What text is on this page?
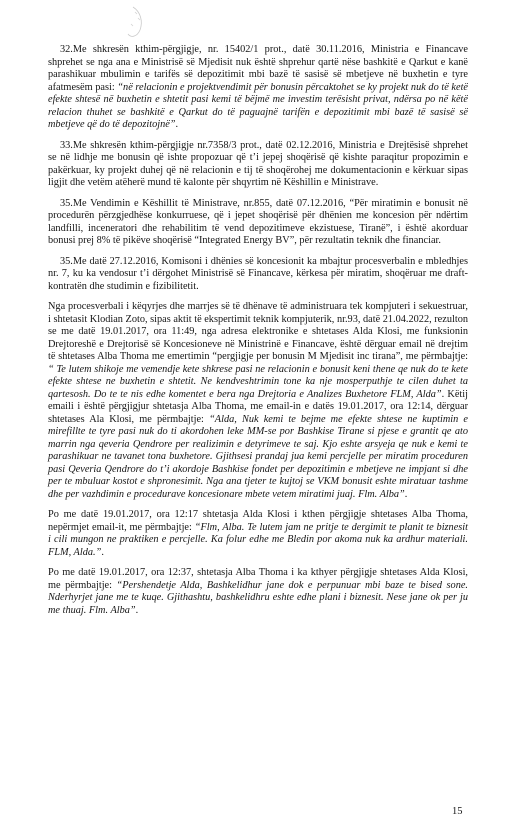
32.Me shkresën kthim-përgjigje, nr. 15402/1 prot., datë 30.11.2016, Ministria e Financave shprehet se nga ana e Ministrisë së Mjedisit nuk është shprehur qartë nëse bashkitë e Qarkut e kanë parashikuar mbulimin e tarifës së depozitimit mbi bazë të sasisë së mbetjeve në buxhetin e tyre afatmesëm pasi: “në relacionin e projektvendimit për bonusin përcaktohet se ky projekt nuk do të ketë efekte shtesë në buxhetin e shtetit pasi kemi të bëjmë me investim terësisht privat, ndërsa po në këtë relacion thuhet se bashkitë e Qarkut do të paguajnë tarifën e depozitimit mbi bazë të sasisë së mbetjeve që do të depozitojnë”.

33.Me shkresën kthim-përgjigje nr.7358/3 prot., datë 02.12.2016, Ministria e Drejtësisë shprehet se në lidhje me bonusin që ishte propozuar që t’i jepej shoqërisë që kishte paraqitur propozimin e pakërkuar, ky projekt duhej që në relacionin e tij të shoqërohej me dokumentacionin e kërkuar sipas ligjit dhe vetëm atëherë mund të kalonte për shqyrtim në Këshillin e Ministrave.

35.Me Vendimin e Këshillit të Ministrave, nr.855, datë 07.12.2016, “Për miratimin e bonusit në procedurën përzgjedhëse konkurruese, që i jepet shoqërisë për dhënien me koncesion për ndërtim landfilli, inceneratori dhe rehabilitim të vend depozitimeve ekzistuese, Tiranë”, i është akorduar bonusi prej 8% të pikëve shoqërisë “Integrated Energy BV”, për rezultatin teknik dhe financiar.

35.Me datë 27.12.2016, Komisoni i dhënies së koncesionit ka mbajtur procesverbalin e mbledhjes nr. 7, ku ka vendosur t’i dërgohet Ministrisë së Financave, kërkesa për miratim, shoqëruar me draft-kontratën dhe studimin e fizibilitetit.

Nga procesverbali i këqyrjes dhe marrjes së të dhënave të administruara tek kompjuteri i sekuestruar, i shtetasit Klodian Zoto, sipas aktit të ekspertimit teknik kompjuterik, nr.93, datë 21.04.2022, rezulton se me datë 19.01.2017, ora 11:49, nga adresa elektronike e shtetases Alda Klosi, me funksionin Drejtoreshë e Drejtorisë së Koncesioneve në Ministrinë e Financave, është dërguar email në drejtim të shtetases Alba Thoma me emertimin “pergjigje per bonusin M Mjedisit inc tirana”, me përmbajtje: “ Te lutem shikoje me vemendje kete shkrese pasi ne relacionin e bonusit keni thene qe nuk do te kete efekte shtese ne buxhetin e shtetit. Ne kendveshtrimin tone ka nje mosperputhje te cilen duhet ta qartesosh. Do te te nis edhe komentet e bera nga Drejtoria e Analizes Buxhetore FLM, Alda”. Këtij emaili i është përgjigjur shtetasja Alba Thoma, me email-in e datës 19.01.2017, ora 12:14, dërguar shtetases Ala Klosi, me përmbajtje: “Alda, Nuk kemi te bejme me efekte shtese ne kuptimin e mirefillte te tyre pasi nuk do ti akordohen leke MM-se por Bashkise Tirane si pjese e grantit qe ato marrin nga qeveria Qendrore per realizimin e detyrimeve te saj. Kjo eshte arsyeja qe nuk e kemi te parashikuar ne tavanet tona buxhetore. Gjithsesi prandaj jua kemi percjelle per miratim proceduren pasi Qeveria Qendrore do t’i akordoje Bashkise fondet per depozitimin e mbetjeve ne impjant si dhe per te mbuluar kostot e shpronesimit. Nga ana tjeter te kujtoj se VKM bonusit eshte miratuar tashme dhe per vazhdimin e procedurave koncesionare mbete vetem miratimi juaj. Flm. Alba”.

Po me datë 19.01.2017, ora 12:17 shtetasja Alda Klosi i kthen përgjigje shtetases Alba Thoma, nepërmjet email-it, me përmbajtje: “Flm, Alba. Te lutem jam ne pritje te dergimit te planit te biznesit i cili mungon ne praktiken e percjelle. Ka folur edhe me Bledin por akoma nuk ka ardhur materiali. FLM, Alda.”.

Po me datë 19.01.2017, ora 12:37, shtetasja Alba Thoma i ka kthyer përgjigje shtetases Alda Klosi, me përmbajtje: “Pershendetje Alda, Bashkelidhur jane dok e perpunuar mbi baze te bised sone. Nderhyrjet jane me te kuqe. Gjithashtu, bashkelidhru eshte edhe plani i biznesit. Nese jane ok per ju me thuaj. Flm. Alba”.

15
